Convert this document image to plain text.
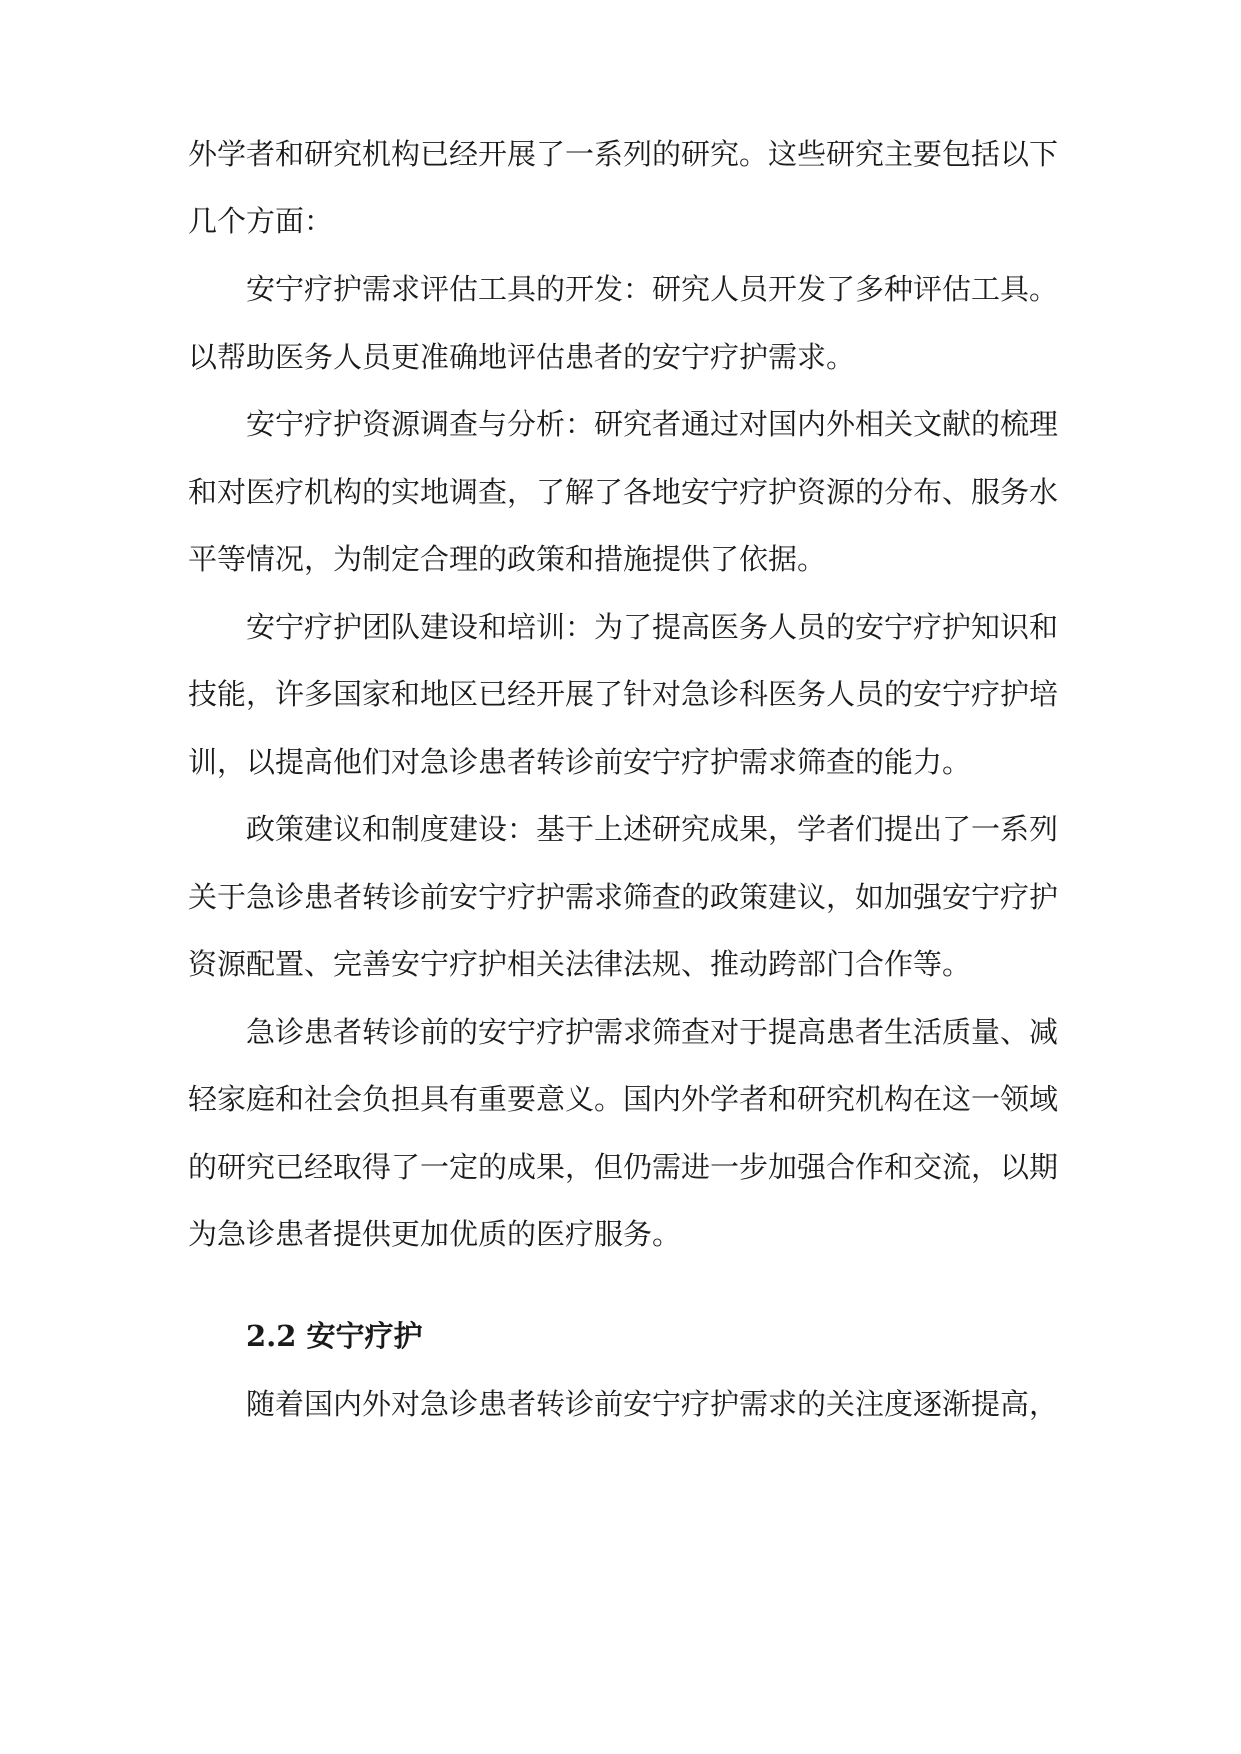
外学者和研究机构已经开展了一系列的研究。这些研究主要包括以下
几个方面：
安宁疗护需求评估工具的开发：研究人员开发了多种评估工具。
以帮助医务人员更准确地评估患者的安宁疗护需求。
安宁疗护资源调查与分析：研究者通过对国内外相关文献的梳理
和对医疗机构的实地调查，了解了各地安宁疗护资源的分布、服务水
平等情况，为制定合理的政策和措施提供了依据。
安宁疗护团队建设和培训：为了提高医务人员的安宁疗护知识和
技能，许多国家和地区已经开展了针对急诊科医务人员的安宁疗护培
训，以提高他们对急诊患者转诊前安宁疗护需求筛查的能力。
政策建议和制度建设：基于上述研究成果，学者们提出了一系列
关于急诊患者转诊前安宁疗护需求筛查的政策建议，如加强安宁疗护
资源配置、完善安宁疗护相关法律法规、推动跨部门合作等。
急诊患者转诊前的安宁疗护需求筛查对于提高患者生活质量、减
轻家庭和社会负担具有重要意义。国内外学者和研究机构在这一领域
的研究已经取得了一定的成果，但仍需进一步加强合作和交流，以期
为急诊患者提供更加优质的医疗服务。
2.2 安宁疗护
随着国内外对急诊患者转诊前安宁疗护需求的关注度逐渐提高，
